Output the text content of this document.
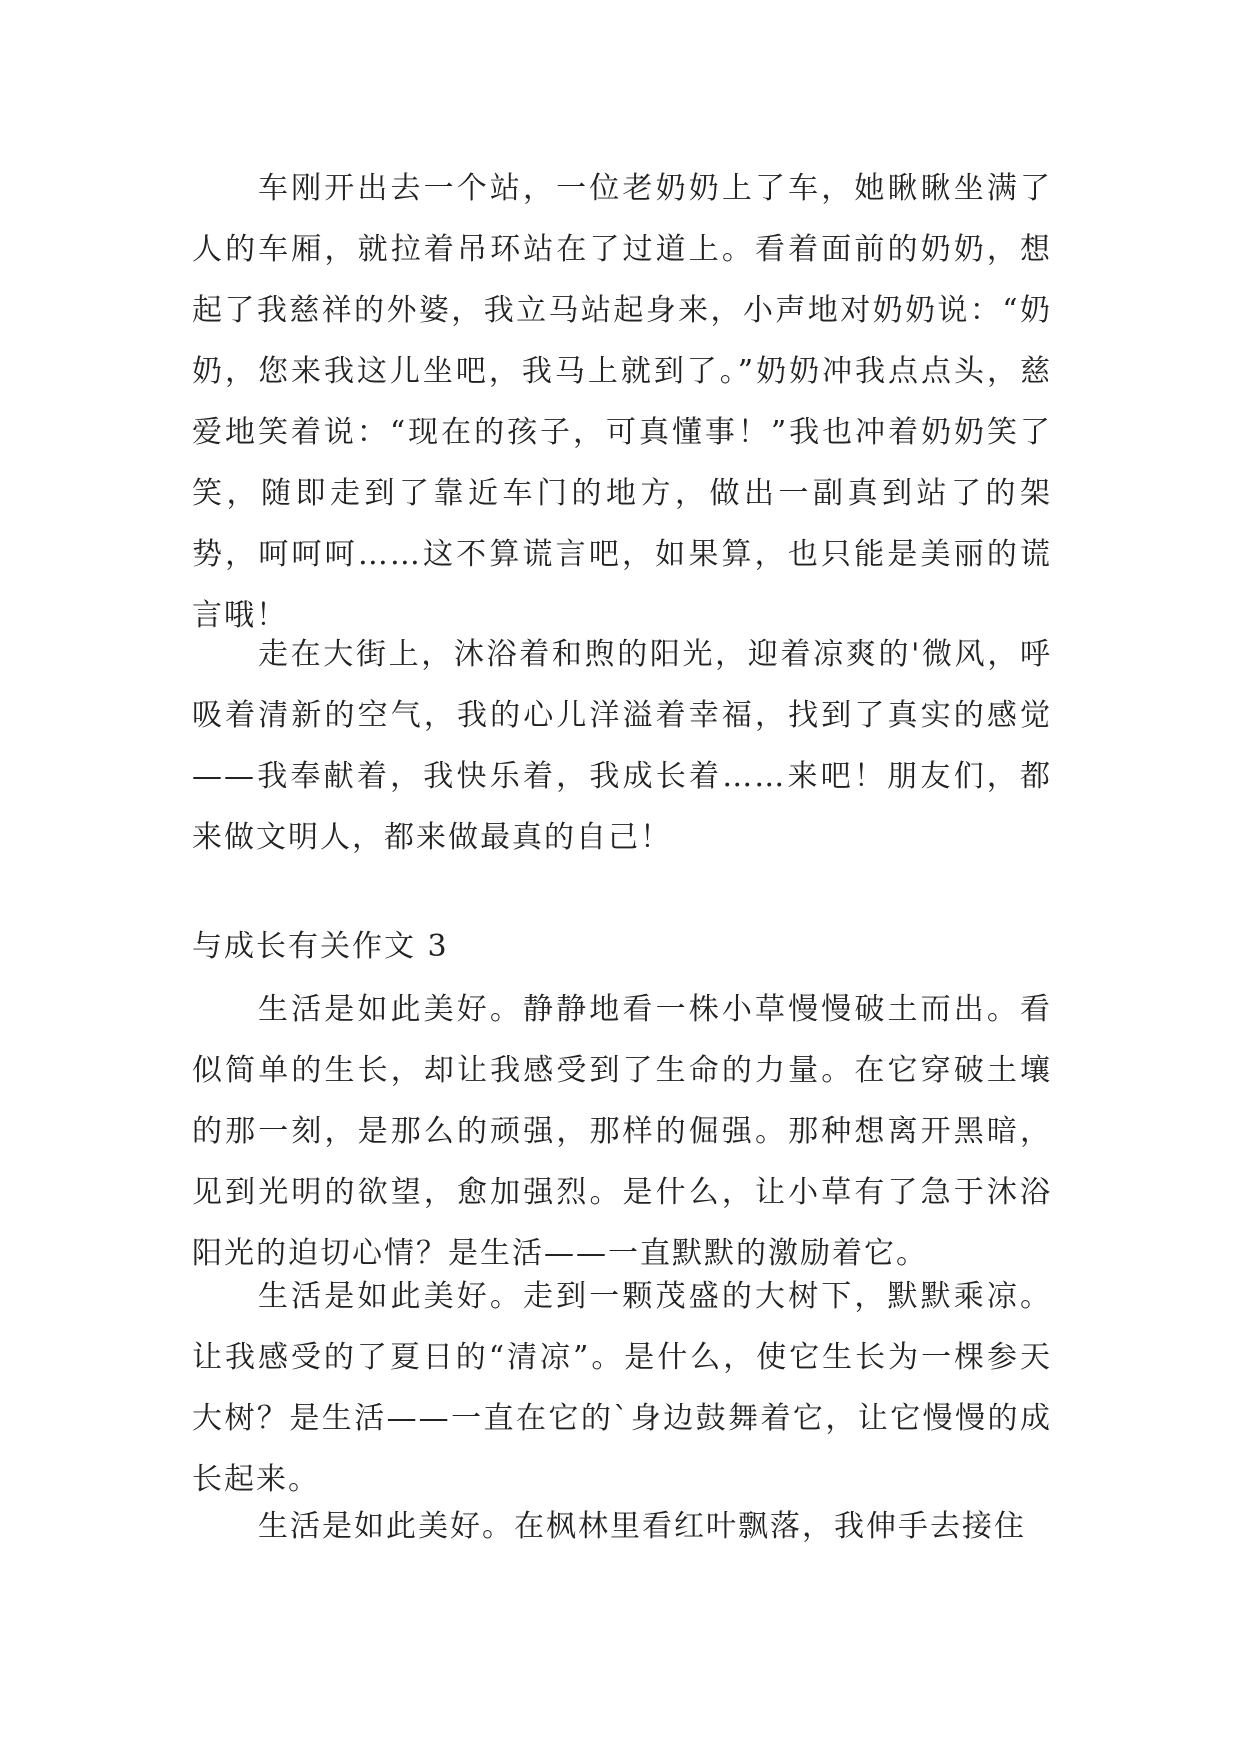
车刚开出去一个站，一位老奶奶上了车，她瞅瞅坐满了人的车厢，就拉着吊环站在了过道上。看着面前的奶奶，想起了我慈祥的外婆，我立马站起身来，小声地对奶奶说：“奶奶，您来我这儿坐吧，我马上就到了。”奶奶冲我点点头，慈爱地笑着说：“现在的孩子，可真懂事！”我也冲着奶奶笑了笑，随即走到了靠近车门的地方，做出一副真到站了的架势，呵呵呵……这不算谎言吧，如果算，也只能是美丽的谎言哦！

走在大街上，沐浴着和煦的阳光，迎着凉爽的'微风，呼吸着清新的空气，我的心儿洋溢着幸福，找到了真实的感觉——我奉献着，我快乐着，我成长着……来吧！朋友们，都来做文明人，都来做最真的自己！

与成长有关作文 3

生活是如此美好。静静地看一株小草慢慢破土而出。看似简单的生长，却让我感受到了生命的力量。在它穿破土壤的那一刻，是那么的顽强，那样的倔强。那种想离开黑暗，见到光明的欲望，愈加强烈。是什么，让小草有了急于沐浴阳光的迫切心情？是生活——一直默默的激励着它。

生活是如此美好。走到一颗茂盛的大树下，默默乘凉。让我感受的了夏日的“清凉”。是什么，使它生长为一棵参天大树？是生活——一直在它的`身边鼓舞着它，让它慢慢的成长起来。

生活是如此美好。在枫林里看红叶飘落，我伸手去接住
